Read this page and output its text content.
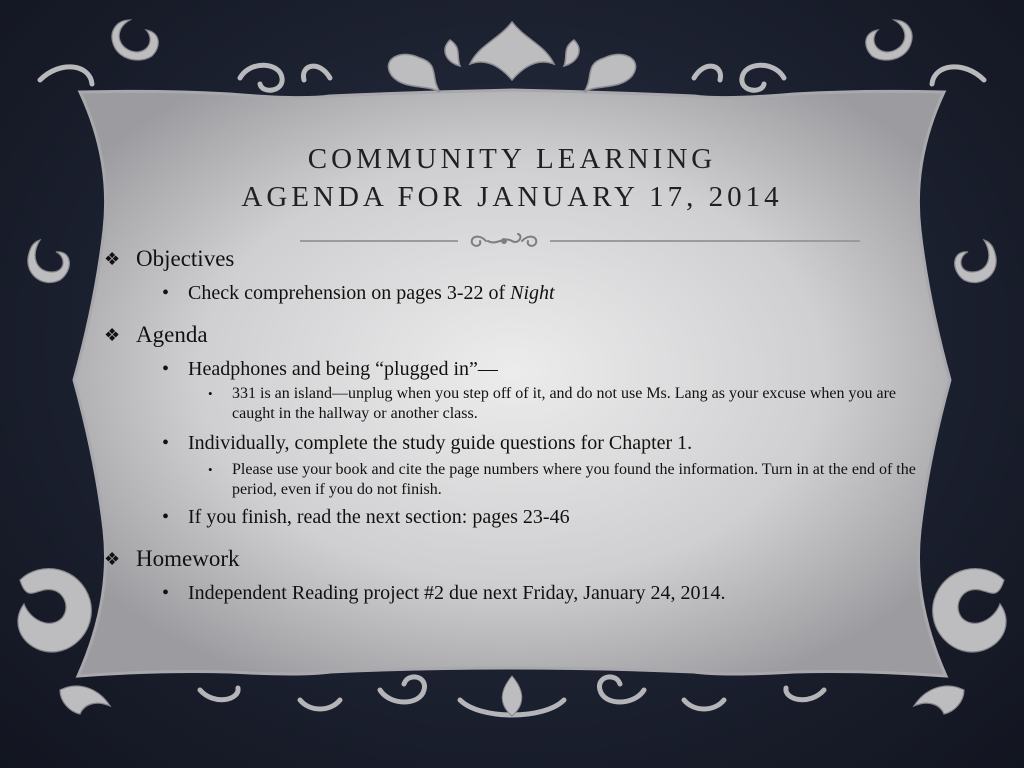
COMMUNITY LEARNING
AGENDA FOR JANUARY 17, 2014
❖ Objectives
• Check comprehension on pages 3-22 of Night
❖ Agenda
• Headphones and being “plugged in”—
• 331 is an island—unplug when you step off of it, and do not use Ms. Lang as your excuse when you are caught in the hallway or another class.
• Individually, complete the study guide questions for Chapter 1.
• Please use your book and cite the page numbers where you found the information. Turn in at the end of the period, even if you do not finish.
• If you finish, read the next section: pages 23-46
❖ Homework
• Independent Reading project #2 due next Friday, January 24, 2014.
